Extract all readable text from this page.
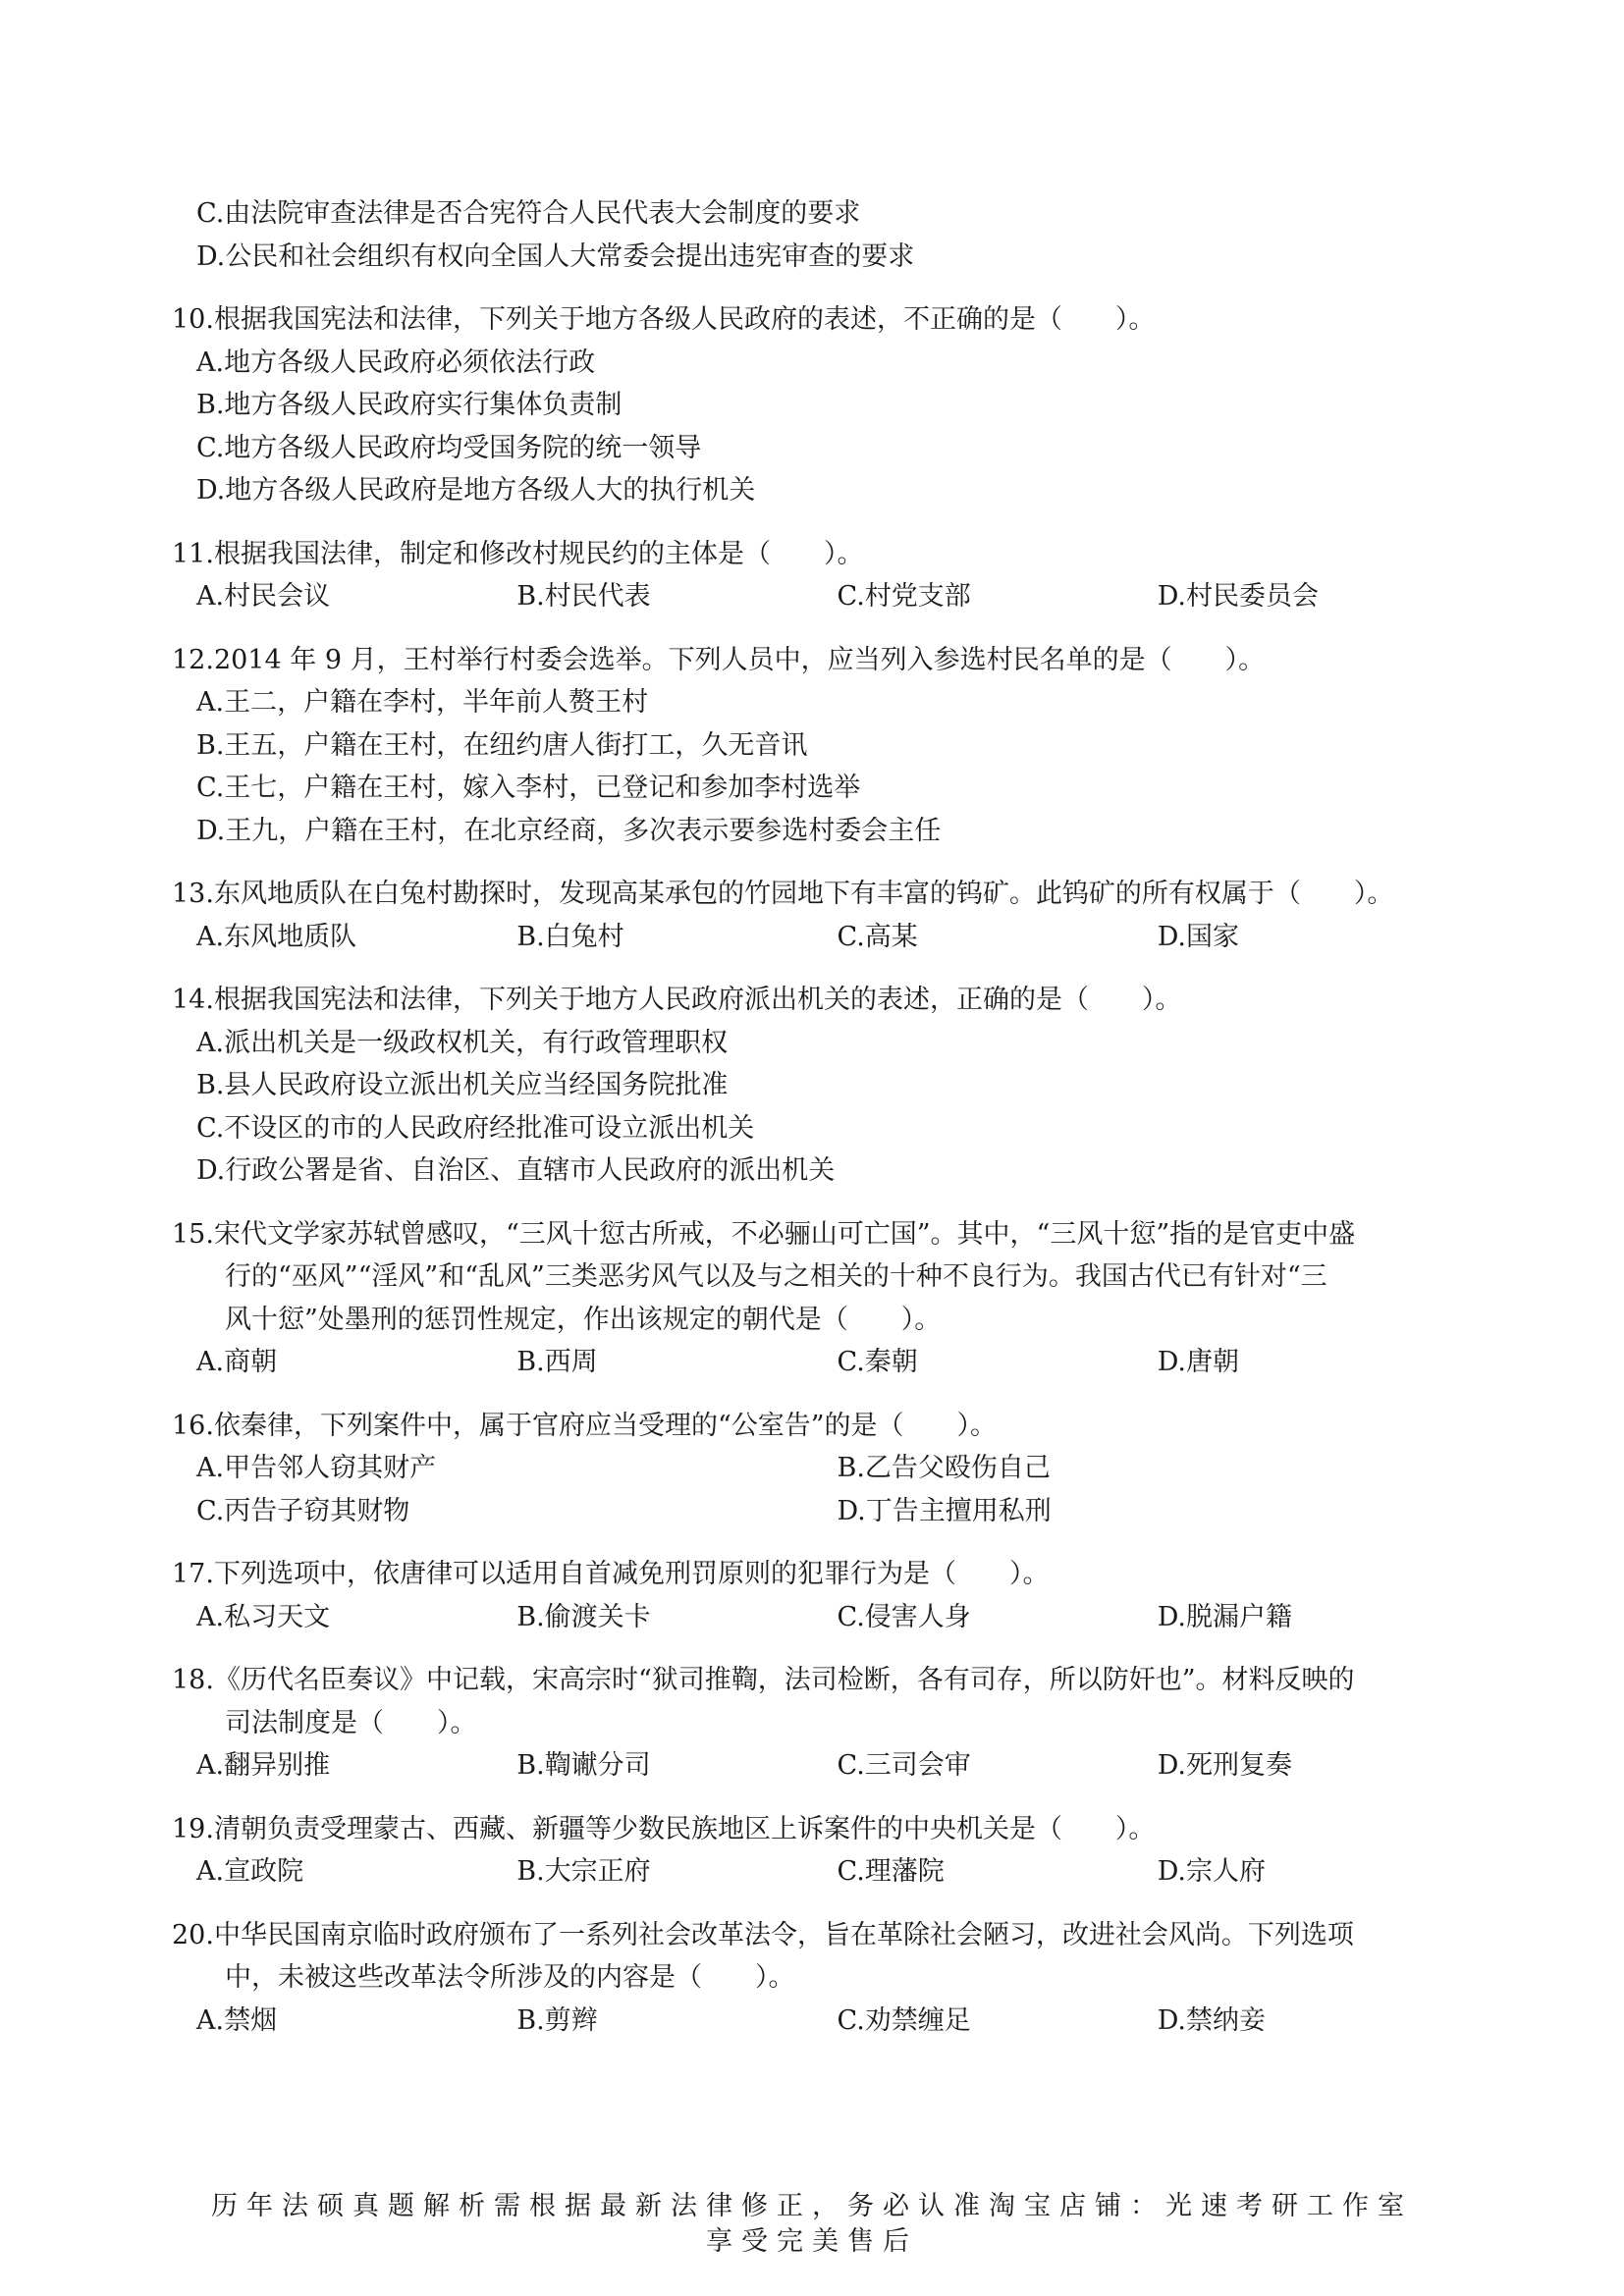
C.由法院审查法律是否合宪符合人民代表大会制度的要求
D.公民和社会组织有权向全国人大常委会提出违宪审查的要求
10.根据我国宪法和法律，下列关于地方各级人民政府的表述，不正确的是（　　）。
A.地方各级人民政府必须依法行政
B.地方各级人民政府实行集体负责制
C.地方各级人民政府均受国务院的统一领导
D.地方各级人民政府是地方各级人大的执行机关
11.根据我国法律，制定和修改村规民约的主体是（　　）。
A.村民会议	B.村民代表	C.村党支部	D.村民委员会
12.2014 年 9 月，王村举行村委会选举。下列人员中，应当列入参选村民名单的是（　　）。
A.王二，户籍在李村，半年前人赘王村
B.王五，户籍在王村，在纽约唐人街打工，久无音讯
C.王七，户籍在王村，嫁入李村，已登记和参加李村选举
D.王九，户籍在王村，在北京经商，多次表示要参选村委会主任
13.东风地质队在白兔村勘探时，发现高某承包的竹园地下有丰富的钨矿。此钨矿的所有权属于（　　）。
A.东风地质队	B.白兔村	C.高某	D.国家
14.根据我国宪法和法律，下列关于地方人民政府派出机关的表述，正确的是（　　）。
A.派出机关是一级政权机关，有行政管理职权
B.县人民政府设立派出机关应当经国务院批准
C.不设区的市的人民政府经批准可设立派出机关
D.行政公署是省、自治区、直辖市人民政府的派出机关
15.宋代文学家苏轼曾感叹，“三风十愆古所戒，不必骊山可亡国”。其中，“三风十愆”指的是官吏中盛
　　行的“巫风”“淫风”和“乱风”三类恶劣风气以及与之相关的十种不良行为。我国古代已有针对“三
　　风十愆”处墨刑的惩罚性规定，作出该规定的朝代是（　　）。
A.商朝	B.西周	C.秦朝	D.唐朝
16.依秦律，下列案件中，属于官府应当受理的“公室告”的是（　　）。
A.甲告邻人窃其财产	B.乙告父殴伤自己
C.丙告子窃其财物	D.丁告主擅用私刑
17.下列选项中，依唐律可以适用自首减免刑罚原则的犯罪行为是（　　）。
A.私习天文	B.偷渡关卡	C.侵害人身	D.脱漏户籍
18.《历代名臣奏议》中记载，宋高宗时“狱司推鞫，法司检断，各有司存，所以防奸也”。材料反映的
　　司法制度是（　　）。
A.翻异别推	B.鞫谳分司	C.三司会审	D.死刑复奏
19.清朝负责受理蒙古、西藏、新疆等少数民族地区上诉案件的中央机关是（　　）。
A.宣政院	B.大宗正府	C.理藩院	D.宗人府
20.中华民国南京临时政府颁布了一系列社会改革法令，旨在革除社会陋习，改进社会风尚。下列选项
　　中，未被这些改革法令所涉及的内容是（　　）。
A.禁烟	B.剪辫	C.劝禁缠足	D.禁纳妾
历年法硕真题解析需根据最新法律修正，务必认准淘宝店铺：光速考研工作室
享受完美售后
